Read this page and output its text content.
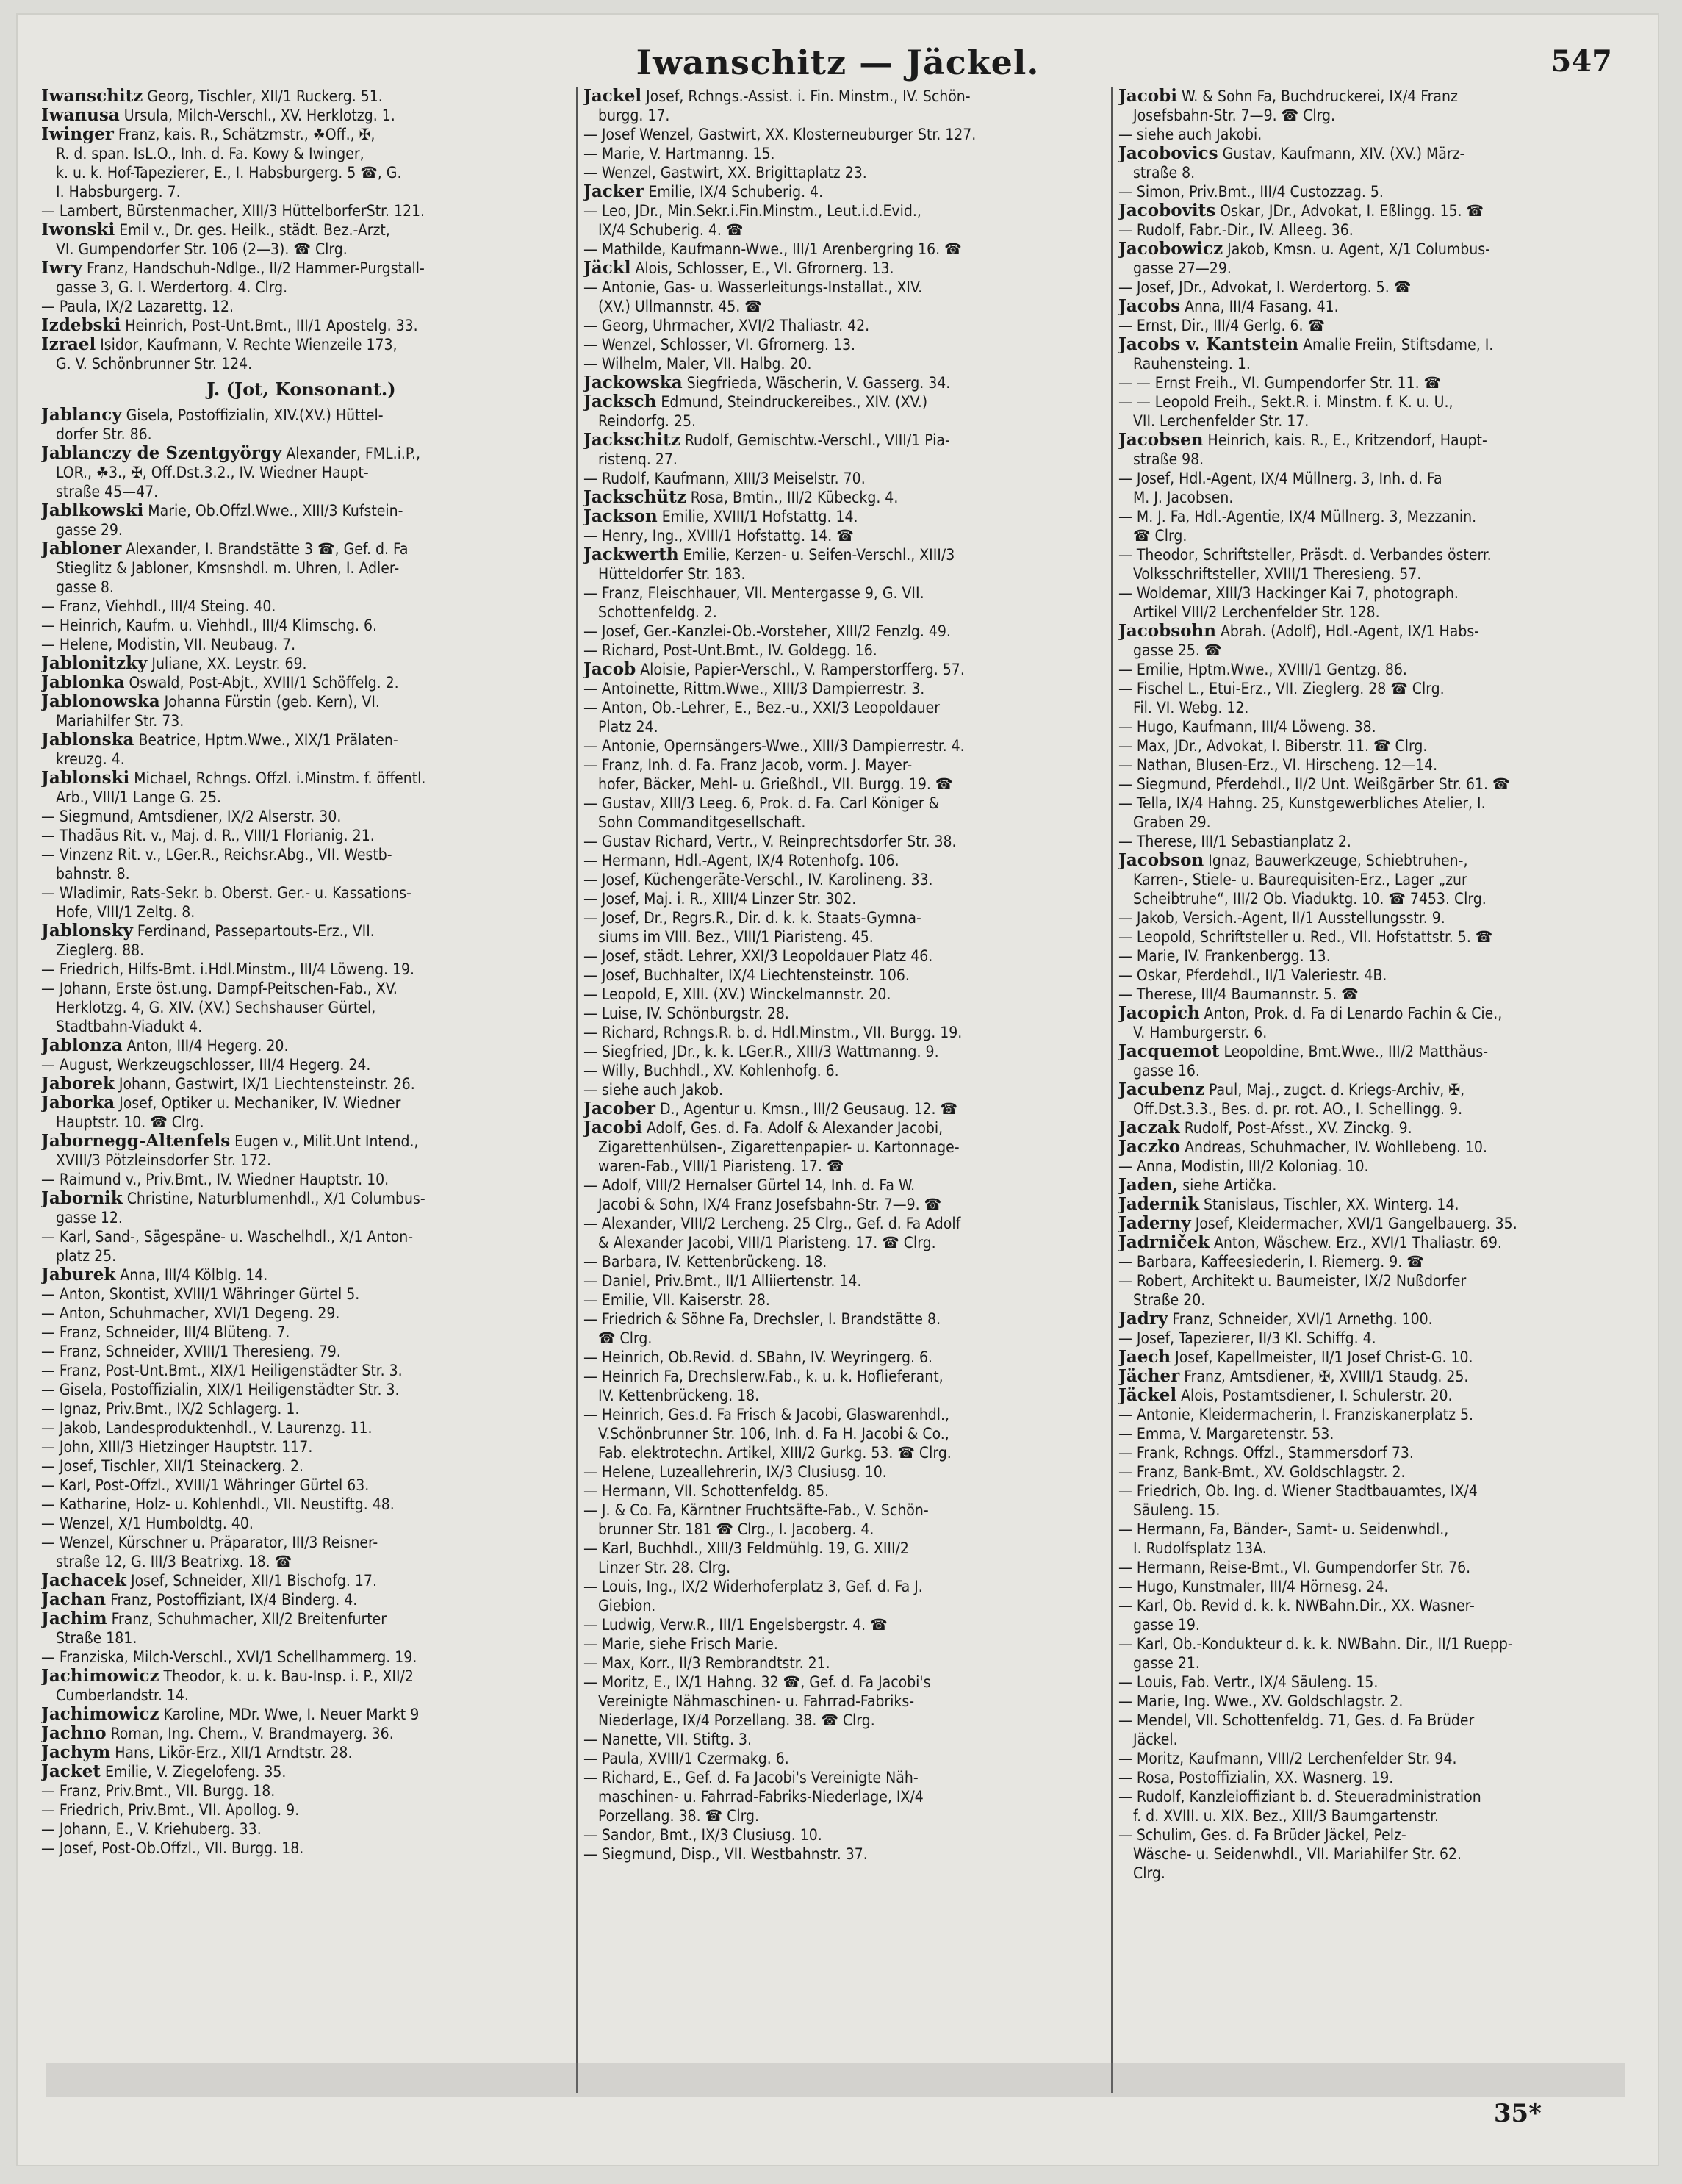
Iwanschitz — Jäckel.	547
Iwanschitz Georg, Tischler, XII/1 Ruckerg. 51.
Iwanusa Ursula, Milch-Verschl., XV. Herklotzg. 1.
Iwinger Franz, kais. R., Schätzmstr., ☘Off., ✠,
R. d. span. IsL.O., Inh. d. Fa. Kowy & Iwinger,
k. u. k. Hof-Tapezierer, E., I. Habsburgerg. 5 ☎, G.
I. Habsburgerg. 7.
— Lambert, Bürstenmacher, XIII/3 HüttelborferStr. 121.
Iwonski Emil v., Dr. ges. Heilk., städt. Bez.-Arzt,
VI. Gumpendorfer Str. 106 (2—3). ☎ Clrg.
Iwry Franz, Handschuh-Ndlge., II/2 Hammer-Purgstall-
gasse 3, G. I. Werdertorg. 4. Clrg.
— Paula, IX/2 Lazarettg. 12.
Izdebski Heinrich, Post-Unt.Bmt., III/1 Apostelg. 33.
Izrael Isidor, Kaufmann, V. Rechte Wienzeile 173,
G. V. Schönbrunner Str. 124.
J. (Jot, Konsonant.)
Jablancy Gisela, Postoffizialin, XIV.(XV.) Hüttel-
dorfer Str. 86.
Jablanczy de Szentgyörgy Alexander, FML.i.P.,
LOR., ☘3., ✠, Off.Dst.3.2., IV. Wiedner Haupt-
straße 45—47.
Jablkowski Marie, Ob.Offzl.Wwe., XIII/3 Kufstein-
gasse 29.
Jabloner Alexander, I. Brandstätte 3 ☎, Gef. d. Fa
Stieglitz & Jabloner, Kmsnshdl. m. Uhren, I. Adler-
gasse 8.
— Franz, Viehhdl., III/4 Steing. 40.
— Heinrich, Kaufm. u. Viehhdl., III/4 Klimschg. 6.
— Helene, Modistin, VII. Neubaug. 7.
Jablonitzky Juliane, XX. Leystr. 69.
Jablonka Oswald, Post-Abjt., XVIII/1 Schöffelg. 2.
Jablonowska Johanna Fürstin (geb. Kern), VI.
Mariahilfer Str. 73.
Jablonska Beatrice, Hptm.Wwe., XIX/1 Prälaten-
kreuzg. 4.
Jablonski Michael, Rchngs. Offzl. i.Minstm. f. öffentl.
Arb., VIII/1 Lange G. 25.
— Siegmund, Amtsdiener, IX/2 Alserstr. 30.
— Thadäus Rit. v., Maj. d. R., VIII/1 Florianig. 21.
— Vinzenz Rit. v., LGer.R., Reichsr.Abg., VII. Westb-
bahnstr. 8.
— Wladimir, Rats-Sekr. b. Oberst. Ger.- u. Kassations-
Hofe, VIII/1 Zeltg. 8.
Jablonsky Ferdinand, Passepartouts-Erz., VII.
Zieglerg. 88.
— Friedrich, Hilfs-Bmt. i.Hdl.Minstm., III/4 Löweng. 19.
— Johann, Erste öst.ung. Dampf-Peitschen-Fab., XV.
Herklotzg. 4, G. XIV. (XV.) Sechshauser Gürtel,
Stadtbahn-Viadukt 4.
Jablonza Anton, III/4 Hegerg. 20.
— August, Werkzeugschlosser, III/4 Hegerg. 24.
Jaborek Johann, Gastwirt, IX/1 Liechtensteinstr. 26.
Jaborka Josef, Optiker u. Mechaniker, IV. Wiedner
Hauptstr. 10. ☎ Clrg.
Jabornegg-Altenfels Eugen v., Milit.Unt Intend.,
XVIII/3 Pötzleinsdorfer Str. 172.
— Raimund v., Priv.Bmt., IV. Wiedner Hauptstr. 10.
Jabornik Christine, Naturblumenhdl., X/1 Columbus-
gasse 12.
— Karl, Sand-, Sägespäne- u. Waschelhdl., X/1 Anton-
platz 25.
Jaburek Anna, III/4 Kölblg. 14.
— Anton, Skontist, XVIII/1 Währinger Gürtel 5.
— Anton, Schuhmacher, XVI/1 Degeng. 29.
— Franz, Schneider, III/4 Blüteng. 7.
— Franz, Schneider, XVIII/1 Theresieng. 79.
— Franz, Post-Unt.Bmt., XIX/1 Heiligenstädter Str. 3.
— Gisela, Postoffizialin, XIX/1 Heiligenstädter Str. 3.
— Ignaz, Priv.Bmt., IX/2 Schlagerg. 1.
— Jakob, Landesproduktenhdl., V. Laurenzg. 11.
— John, XIII/3 Hietzinger Hauptstr. 117.
— Josef, Tischler, XII/1 Steinackerg. 2.
— Karl, Post-Offzl., XVIII/1 Währinger Gürtel 63.
— Katharine, Holz- u. Kohlenhdl., VII. Neustiftg. 48.
— Wenzel, X/1 Humboldtg. 40.
— Wenzel, Kürschner u. Präparator, III/3 Reisner-
straße 12, G. III/3 Beatrixg. 18. ☎
Jachacek Josef, Schneider, XII/1 Bischofg. 17.
Jachan Franz, Postoffiziant, IX/4 Binderg. 4.
Jachim Franz, Schuhmacher, XII/2 Breitenfurter
Straße 181.
— Franziska, Milch-Verschl., XVI/1 Schellhammerg. 19.
Jachimowicz Theodor, k. u. k. Bau-Insp. i. P., XII/2
Cumberlandstr. 14.
Jachimowicz Karoline, MDr. Wwe, I. Neuer Markt 9
Jachno Roman, Ing. Chem., V. Brandmayerg. 36.
Jachym Hans, Likör-Erz., XII/1 Arndtstr. 28.
Jacket Emilie, V. Ziegelofeng. 35.
— Franz, Priv.Bmt., VII. Burgg. 18.
— Friedrich, Priv.Bmt., VII. Apollog. 9.
— Johann, E., V. Kriehuberg. 33.
— Josef, Post-Ob.Offzl., VII. Burgg. 18.
Jackel Josef, Rchngs.-Assist. i. Fin. Minstm., IV. Schön-
burgg. 17.
— Josef Wenzel, Gastwirt, XX. Klosterneuburger Str. 127.
— Marie, V. Hartmanng. 15.
— Wenzel, Gastwirt, XX. Brigittaplatz 23.
Jacker Emilie, IX/4 Schuberig. 4.
— Leo, JDr., Min.Sekr.i.Fin.Minstm., Leut.i.d.Evid.,
IX/4 Schuberig. 4. ☎
— Mathilde, Kaufmann-Wwe., III/1 Arenbergring 16. ☎
Jäckl Alois, Schlosser, E., VI. Gfrornerg. 13.
— Antonie, Gas- u. Wasserleitungs-Installat., XIV.
(XV.) Ullmannstr. 45. ☎
— Georg, Uhrmacher, XVI/2 Thaliastr. 42.
— Wenzel, Schlosser, VI. Gfrornerg. 13.
— Wilhelm, Maler, VII. Halbg. 20.
Jackowska Siegfrieda, Wäscherin, V. Gasserg. 34.
Jacksch Edmund, Steindruckereibes., XIV. (XV.)
Reindorfg. 25.
Jackschitz Rudolf, Gemischtw.-Verschl., VIII/1 Pia-
ristenq. 27.
— Rudolf, Kaufmann, XIII/3 Meiselstr. 70.
Jackschütz Rosa, Bmtin., III/2 Kübeckg. 4.
Jackson Emilie, XVIII/1 Hofstattg. 14.
— Henry, Ing., XVIII/1 Hofstattg. 14. ☎
Jackwerth Emilie, Kerzen- u. Seifen-Verschl., XIII/3
Hütteldorfer Str. 183.
— Franz, Fleischhauer, VII. Mentergasse 9, G. VII.
Schottenfeldg. 2.
— Josef, Ger.-Kanzlei-Ob.-Vorsteher, XIII/2 Fenzlg. 49.
— Richard, Post-Unt.Bmt., IV. Goldegg. 16.
Jacob Aloisie, Papier-Verschl., V. Ramperstorfferg. 57.
— Antoinette, Rittm.Wwe., XIII/3 Dampierrestr. 3.
— Anton, Ob.-Lehrer, E., Bez.-u., XXI/3 Leopoldauer
Platz 24.
— Antonie, Opernsängers-Wwe., XIII/3 Dampierrestr. 4.
— Franz, Inh. d. Fa. Franz Jacob, vorm. J. Mayer-
hofer, Bäcker, Mehl- u. Grießhdl., VII. Burgg. 19. ☎
— Gustav, XIII/3 Leeg. 6, Prok. d. Fa. Carl Königer &
Sohn Commanditgesellschaft.
— Gustav Richard, Vertr., V. Reinprechtsdorfer Str. 38.
— Hermann, Hdl.-Agent, IX/4 Rotenhofg. 106.
— Josef, Küchengeräte-Verschl., IV. Karolineng. 33.
— Josef, Maj. i. R., XIII/4 Linzer Str. 302.
— Josef, Dr., Regrs.R., Dir. d. k. k. Staats-Gymna-
siums im VIII. Bez., VIII/1 Piaristeng. 45.
— Josef, städt. Lehrer, XXI/3 Leopoldauer Platz 46.
— Josef, Buchhalter, IX/4 Liechtensteinstr. 106.
— Leopold, E, XIII. (XV.) Winckelmannstr. 20.
— Luise, IV. Schönburgstr. 28.
— Richard, Rchngs.R. b. d. Hdl.Minstm., VII. Burgg. 19.
— Siegfried, JDr., k. k. LGer.R., XIII/3 Wattmanng. 9.
— Willy, Buchhdl., XV. Kohlenhofg. 6.
— siehe auch Jakob.
Jacober D., Agentur u. Kmsn., III/2 Geusaug. 12. ☎
Jacobi Adolf, Ges. d. Fa. Adolf & Alexander Jacobi,
Zigarettenhülsen-, Zigarettenpapier- u. Kartonnage-
waren-Fab., VIII/1 Piaristeng. 17. ☎
— Adolf, VIII/2 Hernalser Gürtel 14, Inh. d. Fa W.
Jacobi & Sohn, IX/4 Franz Josefsbahn-Str. 7—9. ☎
— Alexander, VIII/2 Lercheng. 25 Clrg., Gef. d. Fa Adolf
& Alexander Jacobi, VIII/1 Piaristeng. 17. ☎ Clrg.
— Barbara, IV. Kettenbrückeng. 18.
— Daniel, Priv.Bmt., II/1 Alliiertenstr. 14.
— Emilie, VII. Kaiserstr. 28.
— Friedrich & Söhne Fa, Drechsler, I. Brandstätte 8.
☎ Clrg.
— Heinrich, Ob.Revid. d. SBahn, IV. Weyringerg. 6.
— Heinrich Fa, Drechslerw.Fab., k. u. k. Hoflieferant,
IV. Kettenbrückeng. 18.
— Heinrich, Ges.d. Fa Frisch & Jacobi, Glaswarenhdl.,
V.Schönbrunner Str. 106, Inh. d. Fa H. Jacobi & Co.,
Fab. elektrotechn. Artikel, XIII/2 Gurkg. 53. ☎ Clrg.
— Helene, Luzeallehrerin, IX/3 Clusiusg. 10.
— Hermann, VII. Schottenfeldg. 85.
— J. & Co. Fa, Kärntner Fruchtsäfte-Fab., V. Schön-
brunner Str. 181 ☎ Clrg., I. Jacoberg. 4.
— Karl, Buchhdl., XIII/3 Feldmühlg. 19, G. XIII/2
Linzer Str. 28. Clrg.
— Louis, Ing., IX/2 Widerhoferplatz 3, Gef. d. Fa J.
Giebion.
— Ludwig, Verw.R., III/1 Engelsbergstr. 4. ☎
— Marie, siehe Frisch Marie.
— Max, Korr., II/3 Rembrandtstr. 21.
— Moritz, E., IX/1 Hahng. 32 ☎, Gef. d. Fa Jacobi's
Vereinigte Nähmaschinen- u. Fahrrad-Fabriks-
Niederlage, IX/4 Porzellang. 38. ☎ Clrg.
— Nanette, VII. Stiftg. 3.
— Paula, XVIII/1 Czermakg. 6.
— Richard, E., Gef. d. Fa Jacobi's Vereinigte Näh-
maschinen- u. Fahrrad-Fabriks-Niederlage, IX/4
Porzellang. 38. ☎ Clrg.
— Sandor, Bmt., IX/3 Clusiusg. 10.
— Siegmund, Disp., VII. Westbahnstr. 37.
Jacobi W. & Sohn Fa, Buchdruckerei, IX/4 Franz
Josefsbahn-Str. 7—9. ☎ Clrg.
— siehe auch Jakobi.
Jacobovics Gustav, Kaufmann, XIV. (XV.) März-
straße 8.
— Simon, Priv.Bmt., III/4 Custozzag. 5.
Jacobovits Oskar, JDr., Advokat, I. Eßlingg. 15. ☎
— Rudolf, Fabr.-Dir., IV. Alleeg. 36.
Jacobowicz Jakob, Kmsn. u. Agent, X/1 Columbus-
gasse 27—29.
— Josef, JDr., Advokat, I. Werdertorg. 5. ☎
Jacobs Anna, III/4 Fasang. 41.
— Ernst, Dir., III/4 Gerlg. 6. ☎
Jacobs v. Kantstein Amalie Freiin, Stiftsdame, I.
Rauhensteing. 1.
— — Ernst Freih., VI. Gumpendorfer Str. 11. ☎
— — Leopold Freih., Sekt.R. i. Minstm. f. K. u. U.,
VII. Lerchenfelder Str. 17.
Jacobsen Heinrich, kais. R., E., Kritzendorf, Haupt-
straße 98.
— Josef, Hdl.-Agent, IX/4 Müllnerg. 3, Inh. d. Fa
M. J. Jacobsen.
— M. J. Fa, Hdl.-Agentie, IX/4 Müllnerg. 3, Mezzanin.
☎ Clrg.
— Theodor, Schriftsteller, Präsdt. d. Verbandes österr.
Volksschriftsteller, XVIII/1 Theresieng. 57.
— Woldemar, XIII/3 Hackinger Kai 7, photograph.
Artikel VIII/2 Lerchenfelder Str. 128.
Jacobsohn Abrah. (Adolf), Hdl.-Agent, IX/1 Habs-
gasse 25. ☎
— Emilie, Hptm.Wwe., XVIII/1 Gentzg. 86.
— Fischel L., Etui-Erz., VII. Zieglerg. 28 ☎ Clrg.
Fil. VI. Webg. 12.
— Hugo, Kaufmann, III/4 Löweng. 38.
— Max, JDr., Advokat, I. Biberstr. 11. ☎ Clrg.
— Nathan, Blusen-Erz., VI. Hirscheng. 12—14.
— Siegmund, Pferdehdl., II/2 Unt. Weißgärber Str. 61. ☎
— Tella, IX/4 Hahng. 25, Kunstgewerbliches Atelier, I.
Graben 29.
— Therese, III/1 Sebastianplatz 2.
Jacobson Ignaz, Bauwerkzeuge, Schiebtruhen-,
Karren-, Stiele- u. Baurequisiten-Erz., Lager „zur
Scheibtruhe“, III/2 Ob. Viaduktg. 10. ☎ 7453. Clrg.
— Jakob, Versich.-Agent, II/1 Ausstellungsstr. 9.
— Leopold, Schriftsteller u. Red., VII. Hofstattstr. 5. ☎
— Marie, IV. Frankenbergg. 13.
— Oskar, Pferdehdl., II/1 Valeriestr. 4B.
— Therese, III/4 Baumannstr. 5. ☎
Jacopich Anton, Prok. d. Fa di Lenardo Fachin & Cie.,
V. Hamburgerstr. 6.
Jacquemot Leopoldine, Bmt.Wwe., III/2 Matthäus-
gasse 16.
Jacubenz Paul, Maj., zugct. d. Kriegs-Archiv, ✠,
Off.Dst.3.3., Bes. d. pr. rot. AO., I. Schellingg. 9.
Jaczak Rudolf, Post-Afsst., XV. Zinckg. 9.
Jaczko Andreas, Schuhmacher, IV. Wohllebeng. 10.
— Anna, Modistin, III/2 Koloniag. 10.
Jaden, siehe Artička.
Jadernik Stanislaus, Tischler, XX. Winterg. 14.
Jaderny Josef, Kleidermacher, XVI/1 Gangelbauerg. 35.
Jadrniček Anton, Wäschew. Erz., XVI/1 Thaliastr. 69.
— Barbara, Kaffeesiederin, I. Riemerg. 9. ☎
— Robert, Architekt u. Baumeister, IX/2 Nußdorfer
Straße 20.
Jadry Franz, Schneider, XVI/1 Arnethg. 100.
— Josef, Tapezierer, II/3 Kl. Schiffg. 4.
Jaech Josef, Kapellmeister, II/1 Josef Christ-G. 10.
Jächer Franz, Amtsdiener, ✠, XVIII/1 Staudg. 25.
Jäckel Alois, Postamtsdiener, I. Schulerstr. 20.
— Antonie, Kleidermacherin, I. Franziskanerplatz 5.
— Emma, V. Margaretenstr. 53.
— Frank, Rchngs. Offzl., Stammersdorf 73.
— Franz, Bank-Bmt., XV. Goldschlagstr. 2.
— Friedrich, Ob. Ing. d. Wiener Stadtbauamtes, IX/4
Säuleng. 15.
— Hermann, Fa, Bänder-, Samt- u. Seidenwhdl.,
I. Rudolfsplatz 13A.
— Hermann, Reise-Bmt., VI. Gumpendorfer Str. 76.
— Hugo, Kunstmaler, III/4 Hörnesg. 24.
— Karl, Ob. Revid d. k. k. NWBahn.Dir., XX. Wasner-
gasse 19.
— Karl, Ob.-Kondukteur d. k. k. NWBahn. Dir., II/1 Ruepp-
gasse 21.
— Louis, Fab. Vertr., IX/4 Säuleng. 15.
— Marie, Ing. Wwe., XV. Goldschlagstr. 2.
— Mendel, VII. Schottenfeldg. 71, Ges. d. Fa Brüder
Jäckel.
— Moritz, Kaufmann, VIII/2 Lerchenfelder Str. 94.
— Rosa, Postoffizialin, XX. Wasnerg. 19.
— Rudolf, Kanzleioffiziant b. d. Steueradministration
f. d. XVIII. u. XIX. Bez., XIII/3 Baumgartenstr.
— Schulim, Ges. d. Fa Brüder Jäckel, Pelz-
Wäsche- u. Seidenwhdl., VII. Mariahilfer Str. 62.
Clrg.
35*
